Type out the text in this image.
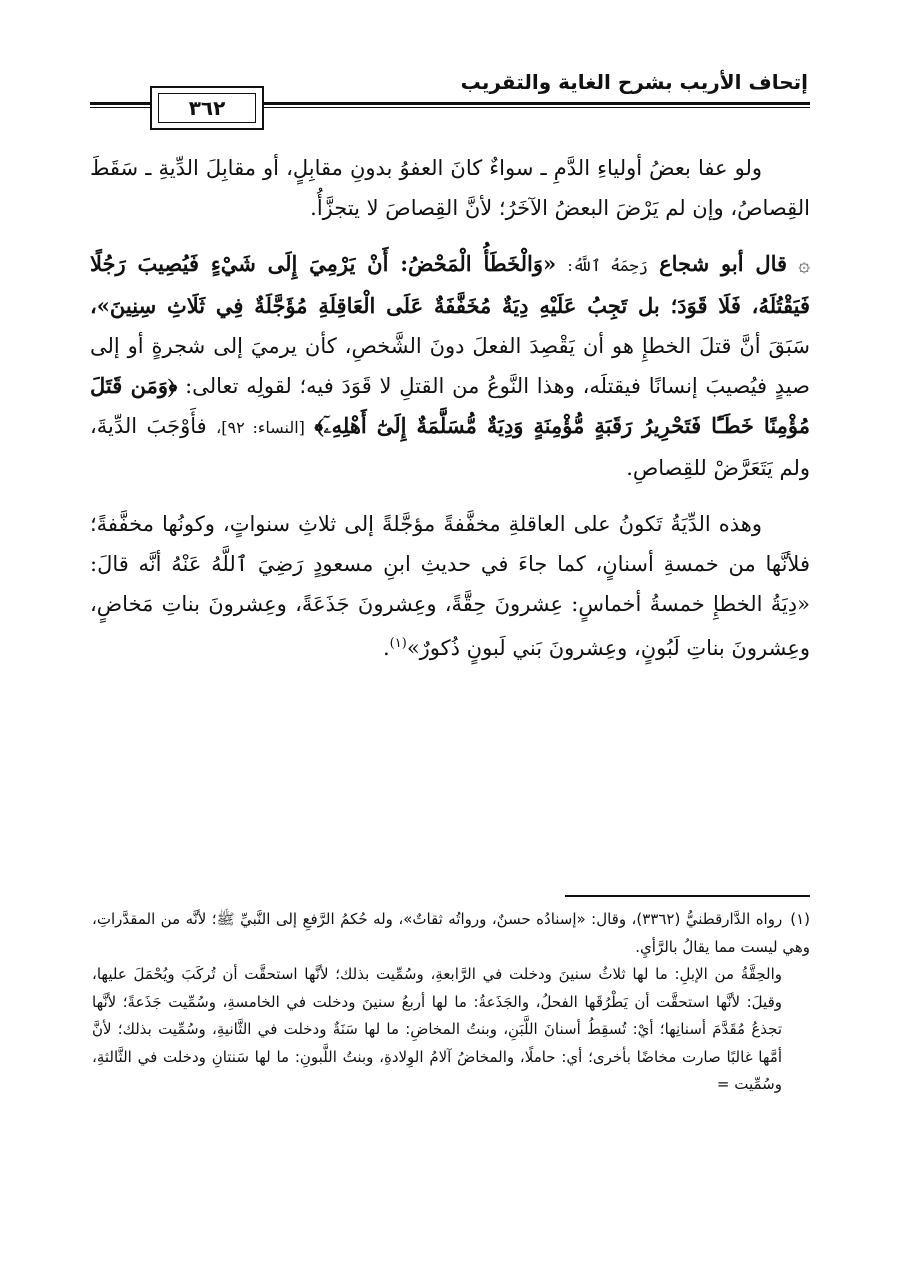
إتحاف الأريب بشرح الغاية والتقريب
٣٦٢

ولو عفا بعضُ أولياءِ الدَّمِ ـ سواءٌ كانَ العفوُ بدونِ مقابِلٍ، أو مقابِلَ الدِّيةِ ـ سَقَطَ القِصاصُ، وإن لم يَرْضَ البعضُ الآخَرُ؛ لأنَّ القِصاصَ لا يتجزَّأُ.

۞ قال أبو شجاع رَحِمَهُ ٱللَّهُ: «وَالْخَطَأُ الْمَحْضُ: أَنْ يَرْمِيَ إِلَى شَيْءٍ فَيُصِيبَ رَجُلًا فَيَقْتُلَهُ، فَلَا قَوَدَ؛ بل تَجِبُ عَلَيْهِ دِيَةٌ مُخَفَّفَةٌ عَلَى الْعَاقِلَةِ مُؤَجَّلَةٌ فِي ثَلَاثِ سِنِينَ»، سَبَقَ أنَّ قتلَ الخطإِ هو أن يَقْصِدَ الفعلَ دونَ الشَّخصِ، كأن يرميَ إلى شجرةٍ أو إلى صيدٍ فيُصيبَ إنسانًا فيقتلَه، وهذا النَّوعُ من القتلِ لا قَوَدَ فيه؛ لقولِه تعالى: ﴿وَمَن قَتَلَ مُؤْمِنًا خَطَـًٔا فَتَحْرِيرُ رَقَبَةٍ مُّؤْمِنَةٍ وَدِيَةٌ مُّسَلَّمَةٌ إِلَىٰٓ أَهْلِهِۦٓ﴾ [النساء: ٩٢]، فأَوْجَبَ الدِّيةَ، ولم يَتَعَرَّضْ للقِصاصِ.

وهذه الدِّيَةُ تَكونُ على العاقلةِ مخفَّفةً مؤجَّلةً إلى ثلاثِ سنواتٍ، وكونُها مخفَّفةً؛ فلأنَّها من خمسةِ أسنانٍ، كما جاءَ في حديثِ ابنِ مسعودٍ رَضِيَ ٱللَّهُ عَنْهُ أنَّه قالَ: «دِيَةُ الخطإِ خمسةُ أخماسٍ: عِشرونَ حِقَّةً، وعِشرونَ جَذَعَةً، وعِشرونَ بناتِ مَخاضٍ، وعِشرونَ بناتِ لَبُونٍ، وعِشرونَ بَني لَبونٍ ذُكورٌ»$^{(١)}$.

(١)رواه الدَّارقطنيُّ (٣٣٦٢)، وقال: «إسنادُه حسنٌ، ورواتُه ثقاتٌ»، وله حُكمُ الرَّفعِ إلى النَّبيِّ ﷺ؛ لأنَّه من المقدَّراتِ، وهي ليست مما يقالُ بالرَّأيِ.

والحِقَّةُ من الإبلِ: ما لها ثلاثُ سنينَ ودخلت في الرَّابعةِ، وسُمِّيت بذلك؛ لأنَّها استحقَّت أن تُركَبَ ويُحْمَلَ عليها، وقيلَ: لأنَّها استحقَّت أن يَطْرُقَها الفحلُ، والجَذَعةُ: ما لها أربعُ سنينَ ودخلت في الخامسةِ، وسُمِّيت جَذَعةً؛ لأنَّها تجذعُ مُقَدَّمَ أسنانِها؛ أيْ: تُسقِطُ أسنانَ اللَّبَنِ، وبنتُ المخاضِ: ما لها سَنَةٌ ودخلت في الثَّانيةِ، وسُمِّيت بذلك؛ لأنَّ أمَّها غالبًا صارت مخاضًا بأخرى؛ أي: حاملًا، والمخاضُ آلامُ الوِلادةِ، وبنتُ اللَّبونِ: ما لها سَنتانِ ودخلت في الثَّالثةِ، وسُمِّيت =
